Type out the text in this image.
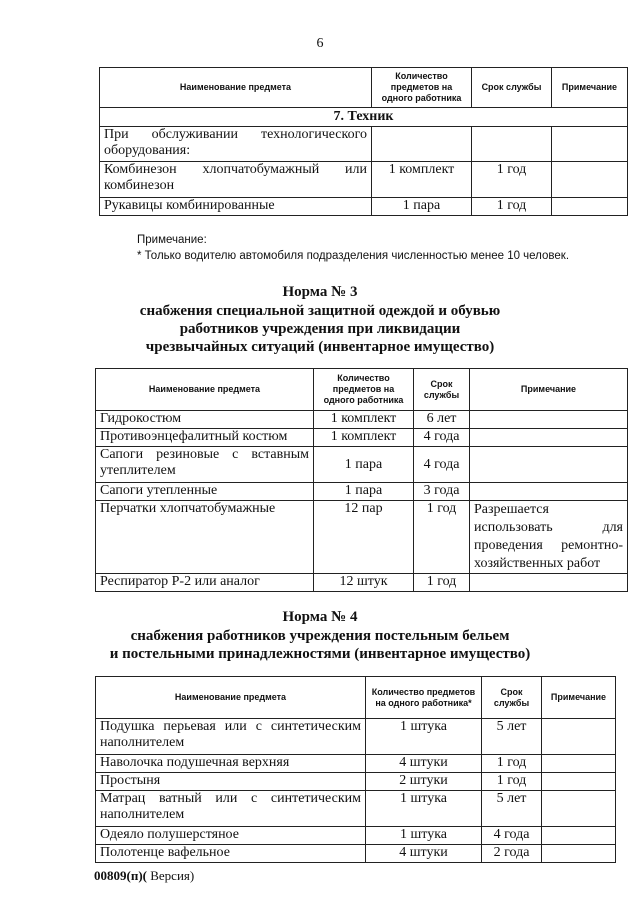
6
Наименование предмета	Количество предметов на одного работника	Срок службы	Примечание
7. Техник			
При обслуживании технологического оборудования:			
Комбинезон хлопчатобумажный или комбинезон	1 комплект	1 год	
Рукавицы комбинированные	1 пара	1 год	
Примечание:
* Только водителю автомобиля подразделения численностью менее 10 человек.
Норма № 3
снабжения специальной защитной одеждой и обувью
работников учреждения при ликвидации
чрезвычайных ситуаций (инвентарное имущество)
Наименование предмета	Количество предметов на одного работника	Срок службы	Примечание
Гидрокостюм	1 комплект	6 лет	
Противоэнцефалитный костюм	1 комплект	4 года	
Сапоги резиновые с вставным утеплителем	1 пара	4 года	
Сапоги утепленные	1 пара	3 года	
Перчатки хлопчатобумажные	12 пар	1 год	Разрешается использовать для проведения ремонтно-хозяйственных работ
Респиратор Р-2 или аналог	12 штук	1 год	
Норма № 4
снабжения работников учреждения постельным бельем
и постельными принадлежностями (инвентарное имущество)
Наименование предмета	Количество предметов на одного работника*	Срок службы	Примечание
Подушка перьевая или с синтетическим наполнителем	1 штука	5 лет	
Наволочка подушечная верхняя	4 штуки	1 год	
Простыня	2 штуки	1 год	
Матрац ватный или с синтетическим наполнителем	1 штука	5 лет	
Одеяло полушерстяное	1 штука	4 года	
Полотенце вафельное	4 штуки	2 года	
00809(п)( Версия)
